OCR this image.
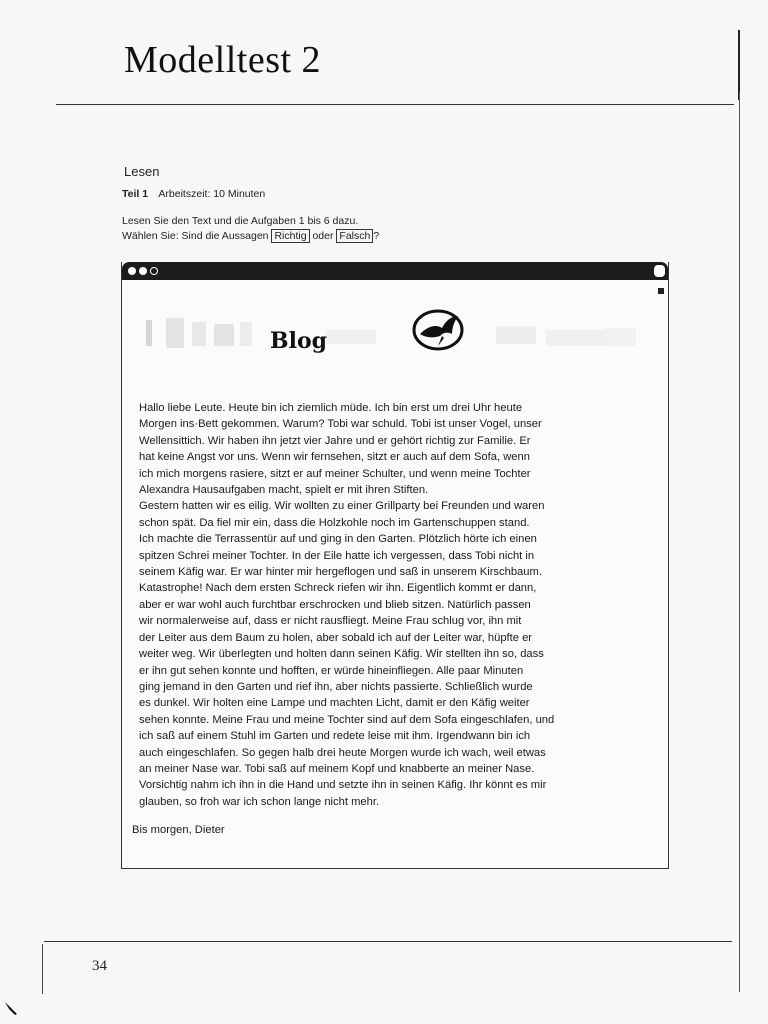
Modelltest 2
Lesen
Teil 1 Arbeitszeit: 10 Minuten
Lesen Sie den Text und die Aufgaben 1 bis 6 dazu.
Wählen Sie: Sind die Aussagen Richtig oder Falsch ?
Blog

Hallo liebe Leute. Heute bin ich ziemlich müde. Ich bin erst um drei Uhr heute

Morgen ins·Bett gekommen. Warum? Tobi war schuld. Tobi ist unser Vogel, unser

Wellensittich. Wir haben ihn jetzt vier Jahre und er gehört richtig zur Familie. Er

hat keine Angst vor uns. Wenn wir fernsehen, sitzt er auch auf dem Sofa, wenn

ich mich morgens rasiere, sitzt er auf meiner Schulter, und wenn meine Tochter

Alexandra Hausaufgaben macht, spielt er mit ihren Stiften.

Gestern hatten wir es eilig. Wir wollten zu einer Grillparty bei Freunden und waren

schon spät. Da fiel mir ein, dass die Holzkohle noch im Gartenschuppen stand.

Ich machte die Terrassentür auf und ging in den Garten. Plötzlich hörte ich einen

spitzen Schrei meiner Tochter. In der Eile hatte ich vergessen, dass Tobi nicht in

seinem Käfig war. Er war hinter mir hergeflogen und saß in unserem Kirschbaum.

Katastrophe! Nach dem ersten Schreck riefen wir ihn. Eigentlich kommt er dann,

aber er war wohl auch furchtbar erschrocken und blieb sitzen. Natürlich passen

wir normalerweise auf, dass er nicht rausfliegt. Meine Frau schlug vor, ihn mit

der Leiter aus dem Baum zu holen, aber sobald ich auf der Leiter war, hüpfte er

weiter weg. Wir überlegten und holten dann seinen Käfig. Wir stellten ihn so, dass

er ihn gut sehen konnte und hofften, er würde hineinfliegen. Alle paar Minuten

ging jemand in den Garten und rief ihn, aber nichts passierte. Schließlich wurde

es dunkel. Wir holten eine Lampe und machten Licht, damit er den Käfig weiter

sehen konnte. Meine Frau und meine Tochter sind auf dem Sofa eingeschlafen, und

ich saß auf einem Stuhl im Garten und redete leise mit ihm. Irgendwann bin ich

auch eingeschlafen. So gegen halb drei heute Morgen wurde ich wach, weil etwas

an meiner Nase war. Tobi saß auf meinem Kopf und knabberte an meiner Nase.

Vorsichtig nahm ich ihn in die Hand und setzte ihn in seinen Käfig. Ihr könnt es mir

glauben, so froh war ich schon lange nicht mehr.

Bis morgen, Dieter
34
